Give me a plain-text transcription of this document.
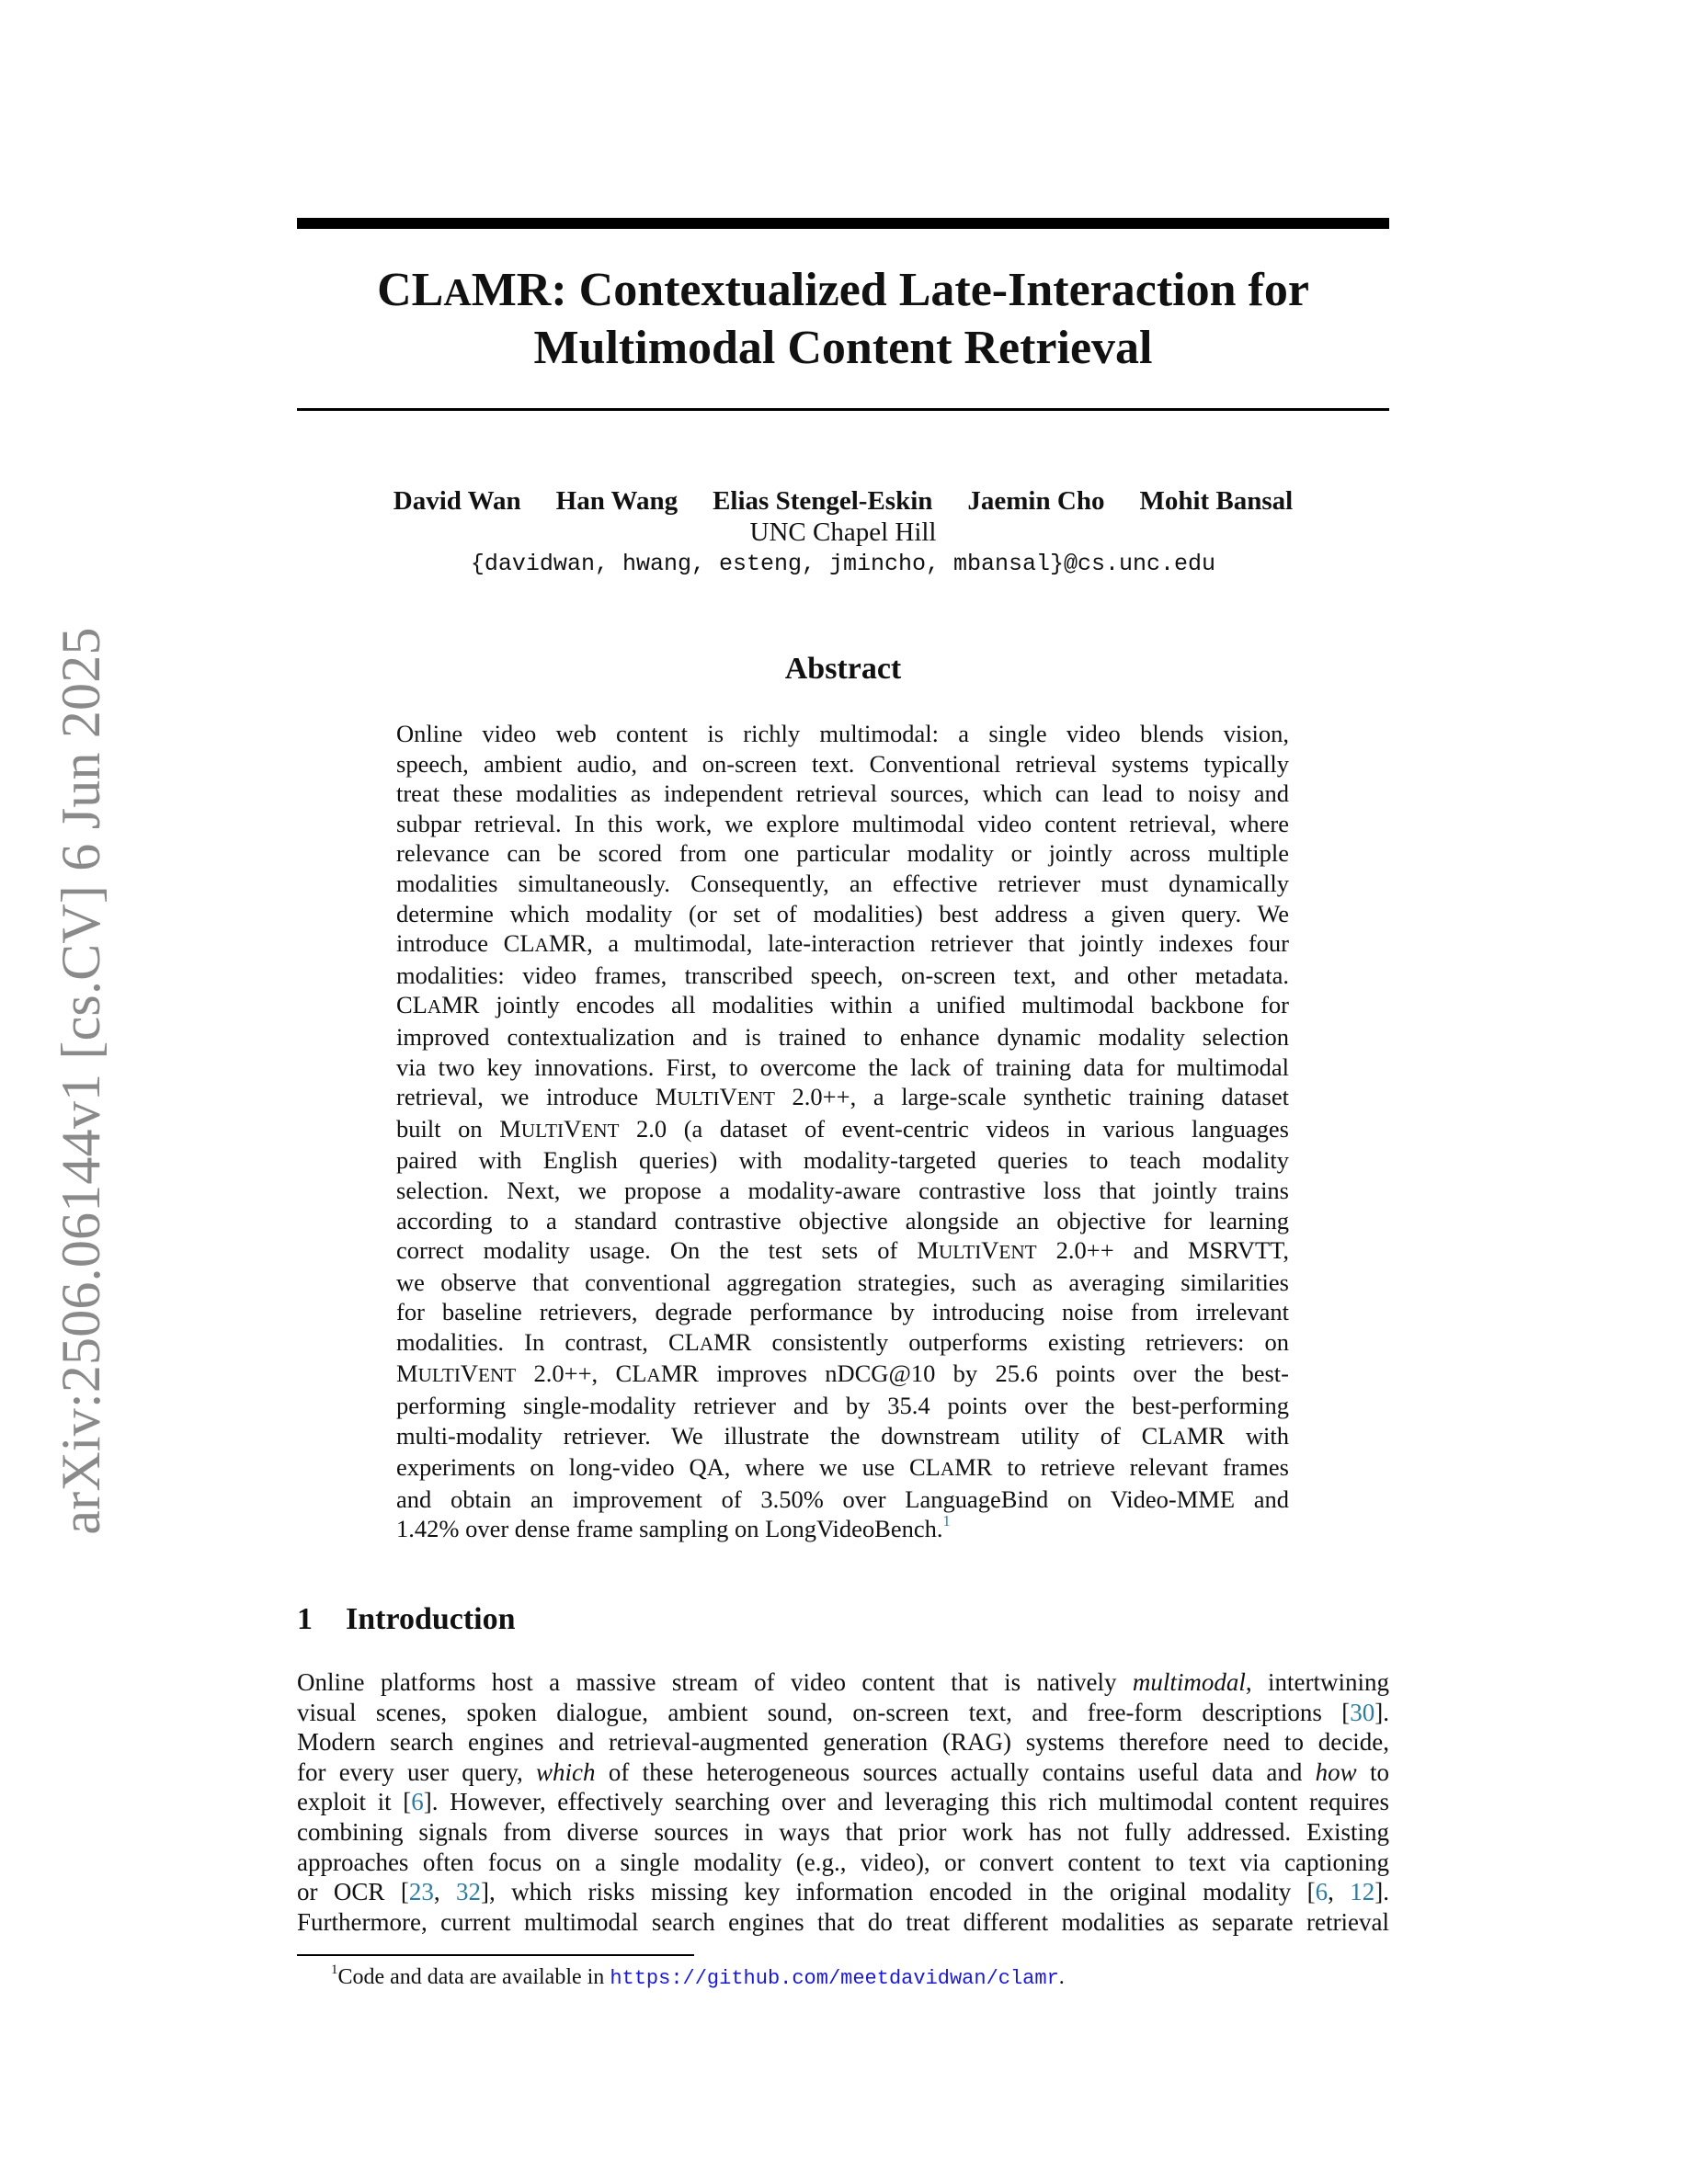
arXiv:2506.06144v1 [cs.CV] 6 Jun 2025
CLAMR: Contextualized Late-Interaction for
Multimodal Content Retrieval
David Wan Han Wang Elias Stengel-Eskin Jaemin Cho Mohit Bansal
UNC Chapel Hill
{davidwan, hwang, esteng, jmincho, mbansal}@cs.unc.edu
Abstract
Online video web content is richly multimodal: a single video blends vision,
speech, ambient audio, and on-screen text. Conventional retrieval systems typically
treat these modalities as independent retrieval sources, which can lead to noisy and
subpar retrieval. In this work, we explore multimodal video content retrieval, where
relevance can be scored from one particular modality or jointly across multiple
modalities simultaneously. Consequently, an effective retriever must dynamically
determine which modality (or set of modalities) best address a given query. We
introduce CLAMR, a multimodal, late-interaction retriever that jointly indexes four
modalities: video frames, transcribed speech, on-screen text, and other metadata.
CLAMR jointly encodes all modalities within a unified multimodal backbone for
improved contextualization and is trained to enhance dynamic modality selection
via two key innovations. First, to overcome the lack of training data for multimodal
retrieval, we introduce MULTIVENT 2.0++, a large-scale synthetic training dataset
built on MULTIVENT 2.0 (a dataset of event-centric videos in various languages
paired with English queries) with modality-targeted queries to teach modality
selection. Next, we propose a modality-aware contrastive loss that jointly trains
according to a standard contrastive objective alongside an objective for learning
correct modality usage. On the test sets of MULTIVENT 2.0++ and MSRVTT,
we observe that conventional aggregation strategies, such as averaging similarities
for baseline retrievers, degrade performance by introducing noise from irrelevant
modalities. In contrast, CLAMR consistently outperforms existing retrievers: on
MULTIVENT 2.0++, CLAMR improves nDCG@10 by 25.6 points over the best-
performing single-modality retriever and by 35.4 points over the best-performing
multi-modality retriever. We illustrate the downstream utility of CLAMR with
experiments on long-video QA, where we use CLAMR to retrieve relevant frames
and obtain an improvement of 3.50% over LanguageBind on Video-MME and
1.42% over dense frame sampling on LongVideoBench.$^1$
1 Introduction
Online platforms host a massive stream of video content that is natively multimodal, intertwining
visual scenes, spoken dialogue, ambient sound, on-screen text, and free-form descriptions [30].
Modern search engines and retrieval-augmented generation (RAG) systems therefore need to decide,
for every user query, which of these heterogeneous sources actually contains useful data and how to
exploit it [6]. However, effectively searching over and leveraging this rich multimodal content requires
combining signals from diverse sources in ways that prior work has not fully addressed. Existing
approaches often focus on a single modality (e.g., video), or convert content to text via captioning
or OCR [23, 32], which risks missing key information encoded in the original modality [6, 12].
Furthermore, current multimodal search engines that do treat different modalities as separate retrieval
$^1$Code and data are available in https://github.com/meetdavidwan/clamr.
